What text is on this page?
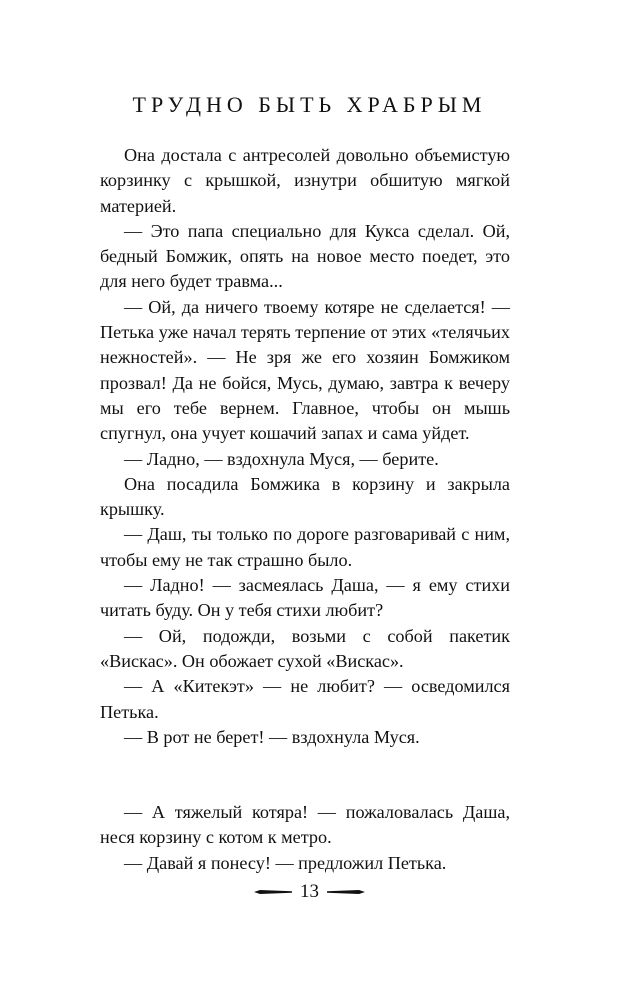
ТРУДНО БЫТЬ ХРАБРЫМ

Она достала с антресолей довольно объемистую корзинку с крышкой, изнутри обшитую мягкой материей.

— Это папа специально для Кукса сделал. Ой, бедный Бомжик, опять на новое место поедет, это для него будет травма...

— Ой, да ничего твоему котяре не сделается! — Петька уже начал терять терпение от этих «телячьих нежностей». — Не зря же его хозяин Бомжиком прозвал! Да не бойся, Мусь, думаю, завтра к вечеру мы его тебе вернем. Главное, чтобы он мышь спугнул, она учует кошачий запах и сама уйдет.

— Ладно, — вздохнула Муся, — берите.

Она посадила Бомжика в корзину и закрыла крышку.

— Даш, ты только по дороге разговаривай с ним, чтобы ему не так страшно было.

— Ладно! — засмеялась Даша, — я ему стихи читать буду. Он у тебя стихи любит?

— Ой, подожди, возьми с собой пакетик «Вискас». Он обожает сухой «Вискас».

— А «Китекэт» — не любит? — осведомился Петька.

— В рот не берет! — вздохнула Муся.

— А тяжелый котяра! — пожаловалась Даша, неся корзину с котом к метро.

— Давай я понесу! — предложил Петька.

13
